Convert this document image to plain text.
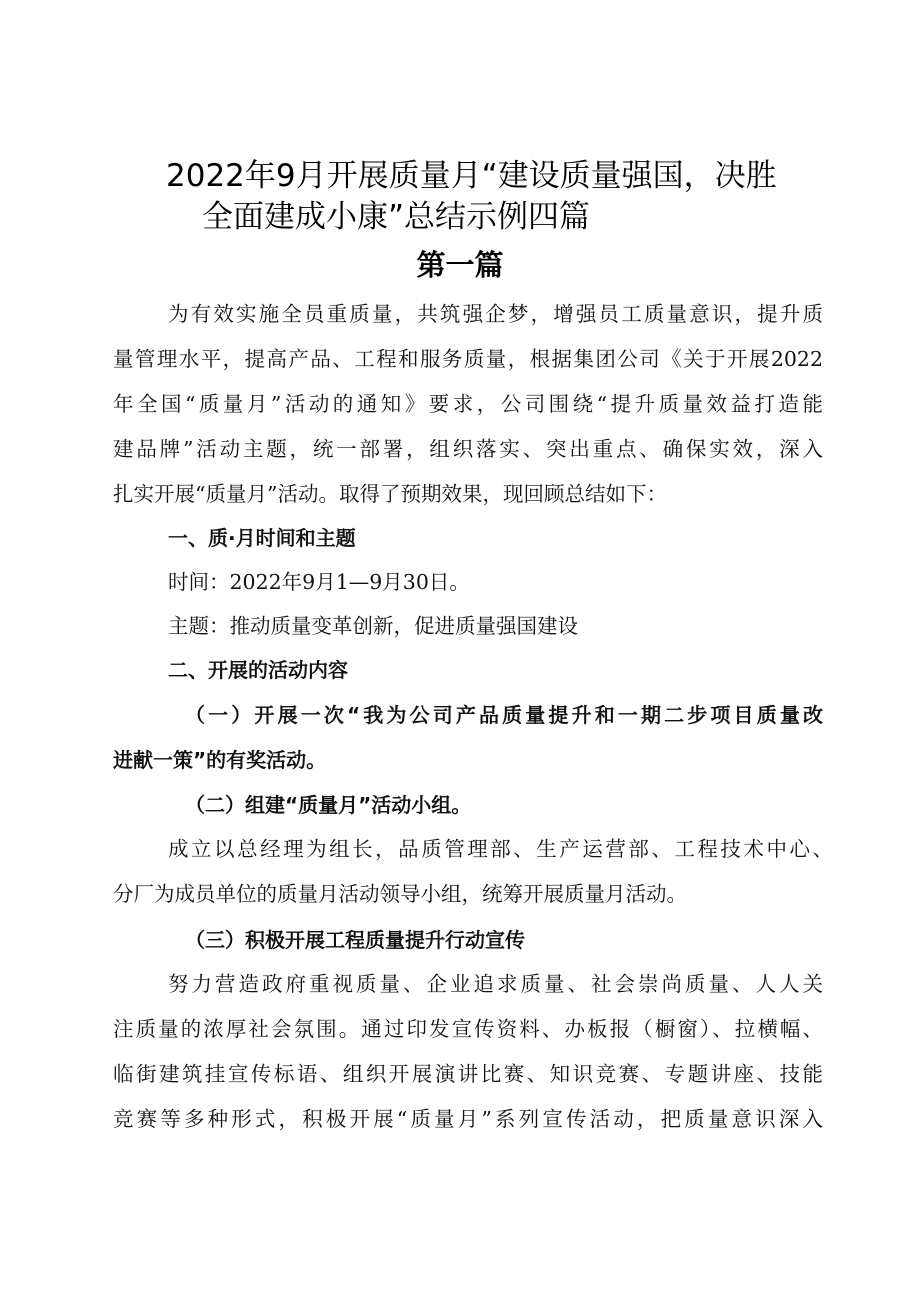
2022年9月开展质量月“建设质量强国，决胜
全面建成小康”总结示例四篇
第一篇
为有效实施全员重质量，共筑强企梦，增强员工质量意识，提升质
量管理水平，提高产品、工程和服务质量，根据集团公司《关于开展2022
年全国“质量月”活动的通知》要求，公司围绕“提升质量效益打造能
建品牌”活动主题，统一部署，组织落实、突出重点、确保实效，深入
扎实开展“质量月”活动。取得了预期效果，现回顾总结如下：
一、质·月时间和主题
时间：2022年9月1—9月30日。
主题：推动质量变革创新，促进质量强国建设
二、开展的活动内容
（一）开展一次“我为公司产品质量提升和一期二步项目质量改
进献一策”的有奖活动。
（二）组建“质量月”活动小组。
成立以总经理为组长，品质管理部、生产运营部、工程技术中心、
分厂为成员单位的质量月活动领导小组，统筹开展质量月活动。
（三）积极开展工程质量提升行动宣传
努力营造政府重视质量、企业追求质量、社会崇尚质量、人人关
注质量的浓厚社会氛围。通过印发宣传资料、办板报（橱窗）、拉横幅、
临街建筑挂宣传标语、组织开展演讲比赛、知识竞赛、专题讲座、技能
竞赛等多种形式，积极开展“质量月”系列宣传活动，把质量意识深入
